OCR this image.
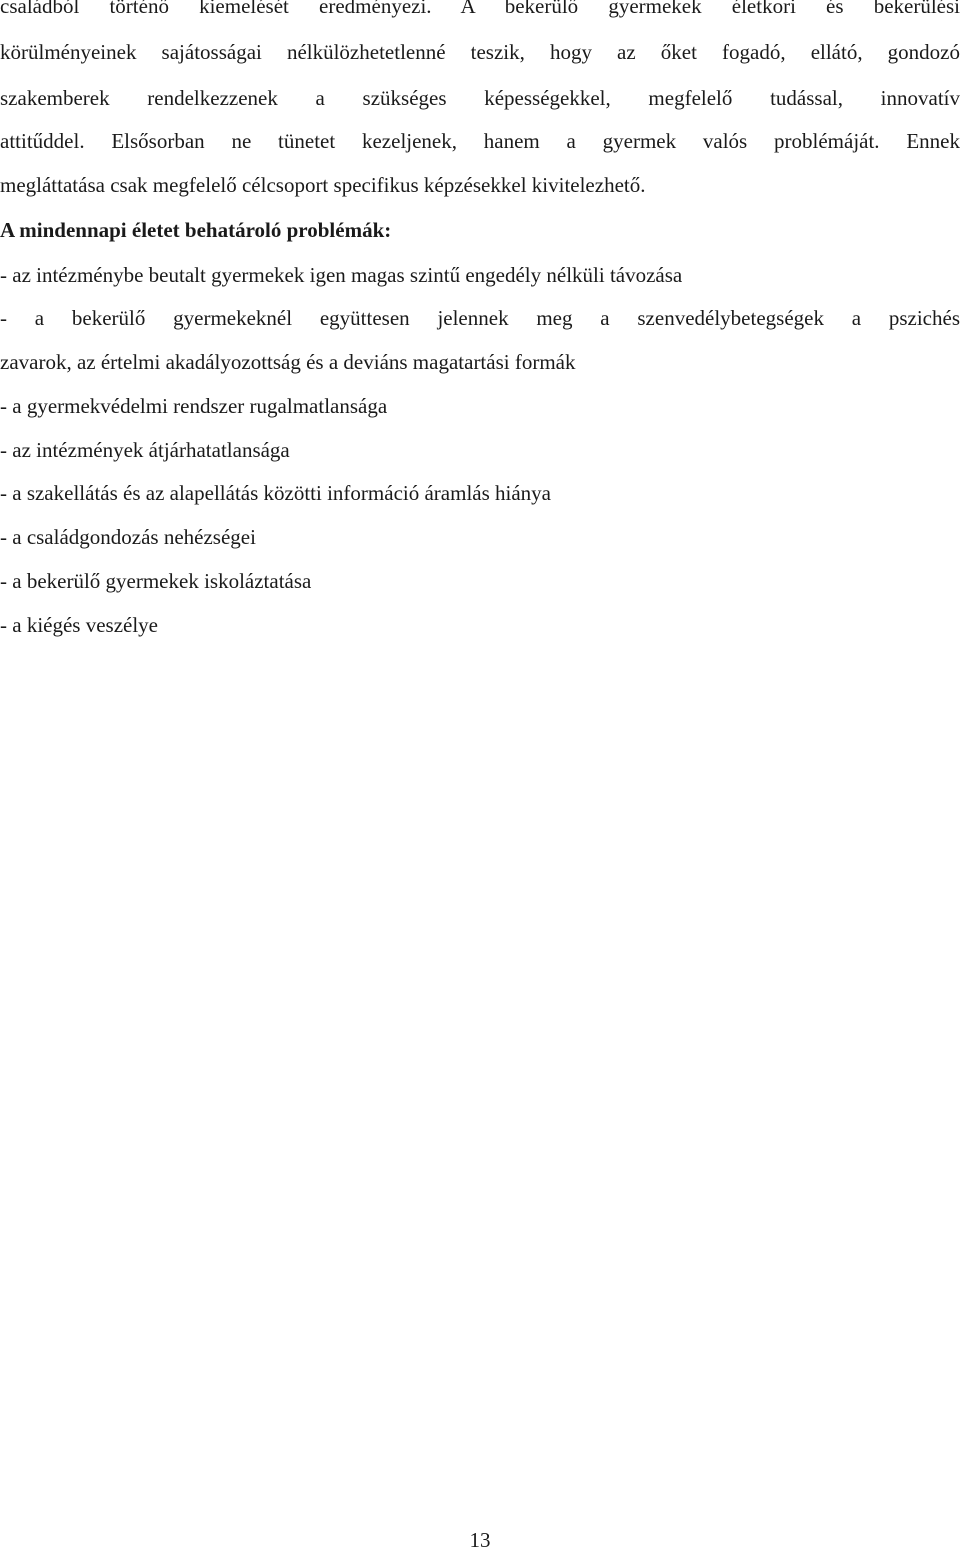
családból történő kiemelését eredményezi. A bekerülő gyermekek életkori és bekerülési
körülményeinek sajátosságai nélkülözhetetlenné teszik, hogy az őket fogadó, ellátó, gondozó
szakemberek rendelkezzenek a szükséges képességekkel, megfelelő tudással, innovatív
attitűddel. Elsősorban ne tünetet kezeljenek, hanem a gyermek valós problémáját. Ennek
megláttatása csak megfelelő célcsoport specifikus képzésekkel kivitelezhető.
A mindennapi életet behatároló problémák:
- az intézménybe beutalt gyermekek igen magas szintű engedély nélküli távozása
- a bekerülő gyermekeknél együttesen jelennek meg a szenvedélybetegségek a pszichés
zavarok, az értelmi akadályozottság és a deviáns magatartási formák
- a gyermekvédelmi rendszer rugalmatlansága
- az intézmények átjárhatatlansága
- a szakellátás és az alapellátás közötti információ áramlás hiánya
- a családgondozás nehézségei
- a bekerülő gyermekek iskoláztatása
- a kiégés veszélye
13
